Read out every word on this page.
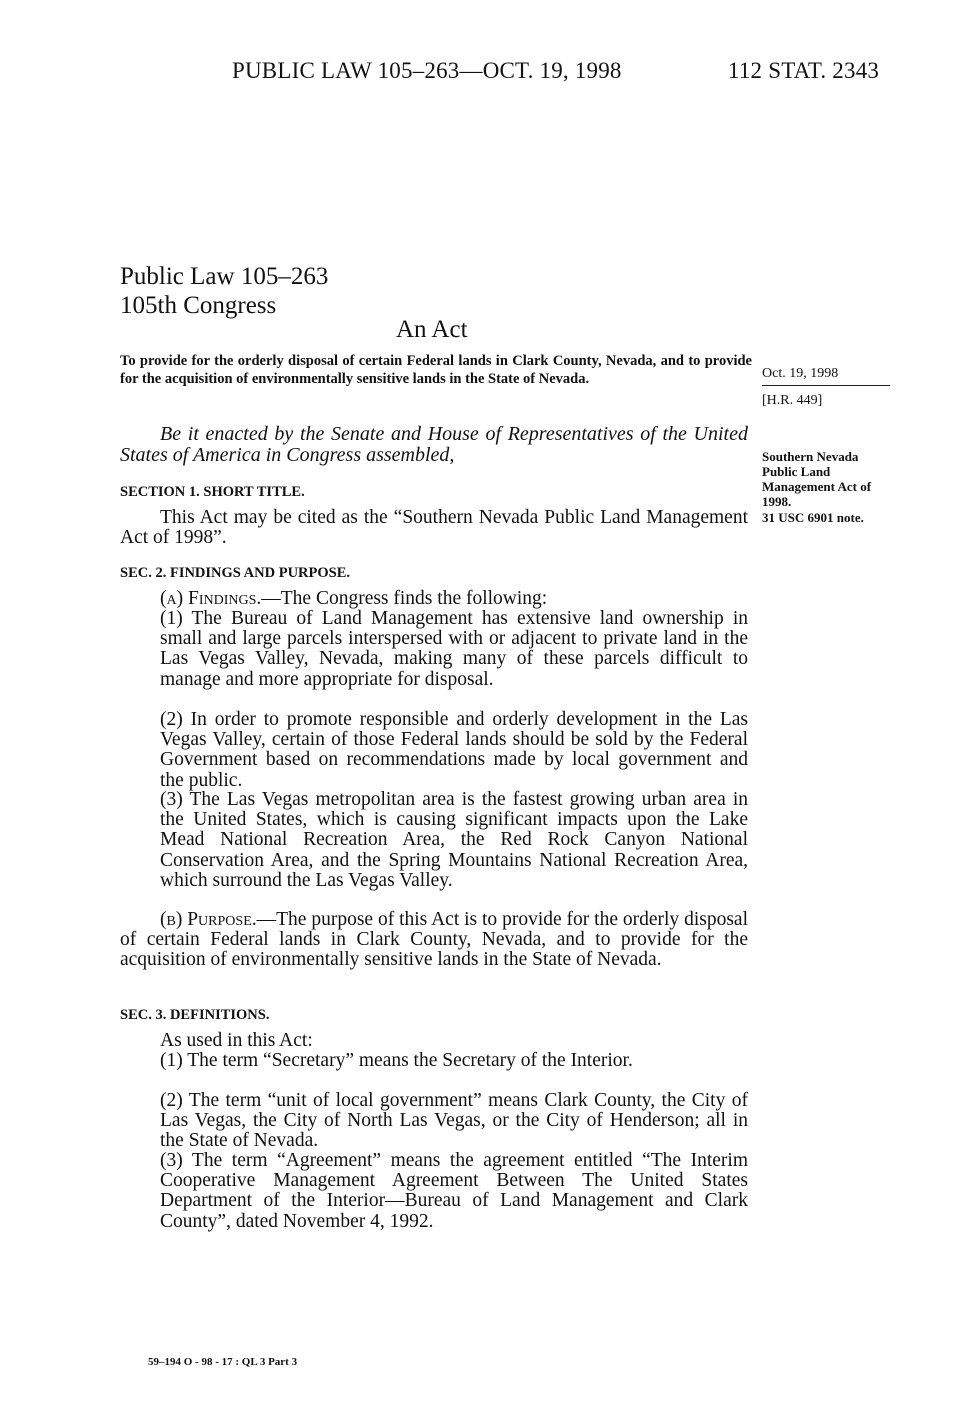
PUBLIC LAW 105–263—OCT. 19, 1998	112 STAT. 2343
Public Law 105–263
105th Congress
An Act
To provide for the orderly disposal of certain Federal lands in Clark County, Nevada, and to provide for the acquisition of environmentally sensitive lands in the State of Nevada.	Oct. 19, 1998
[H.R. 449]
Southern Nevada Public Land Management Act of 1998.
31 USC 6901 note.
Be it enacted by the Senate and House of Representatives of the United States of America in Congress assembled,
SECTION 1. SHORT TITLE.
This Act may be cited as the “Southern Nevada Public Land Management Act of 1998”.
SEC. 2. FINDINGS AND PURPOSE.
(a) Findings.—The Congress finds the following:
(1) The Bureau of Land Management has extensive land ownership in small and large parcels interspersed with or adjacent to private land in the Las Vegas Valley, Nevada, making many of these parcels difficult to manage and more appropriate for disposal.
(2) In order to promote responsible and orderly development in the Las Vegas Valley, certain of those Federal lands should be sold by the Federal Government based on recommendations made by local government and the public.
(3) The Las Vegas metropolitan area is the fastest growing urban area in the United States, which is causing significant impacts upon the Lake Mead National Recreation Area, the Red Rock Canyon National Conservation Area, and the Spring Mountains National Recreation Area, which surround the Las Vegas Valley.
(b) Purpose.—The purpose of this Act is to provide for the orderly disposal of certain Federal lands in Clark County, Nevada, and to provide for the acquisition of environmentally sensitive lands in the State of Nevada.
SEC. 3. DEFINITIONS.
As used in this Act:
(1) The term “Secretary” means the Secretary of the Interior.
(2) The term “unit of local government” means Clark County, the City of Las Vegas, the City of North Las Vegas, or the City of Henderson; all in the State of Nevada.
(3) The term “Agreement” means the agreement entitled “The Interim Cooperative Management Agreement Between The United States Department of the Interior—Bureau of Land Management and Clark County”, dated November 4, 1992.
59–194 O - 98 - 17 : QL 3 Part 3
